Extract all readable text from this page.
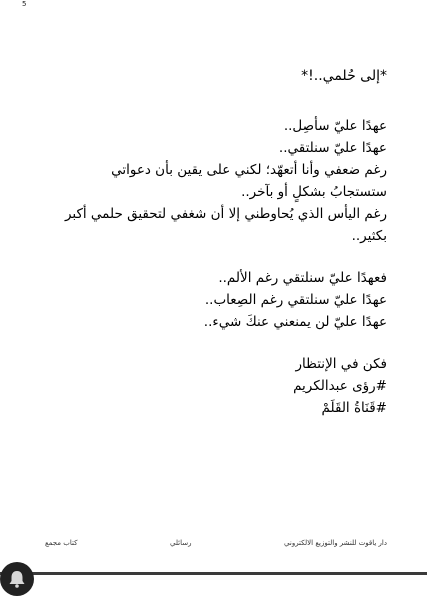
5
*إلى حُلمي..!*
عهدًا عليّ سأصِل..
عهدًا عليّ سنلتقي..
رغم ضعفي وأنا أتعهّد؛ لكني على يقين بأن دعواتي
ستستجابُ بشكلٍ أو بآخر..
رغم اليأس الذي يُحاوطني إلا أن شغفي لتحقيق حلمي أكبر
بكثير..
فعهدًا عليّ سنلتقي رغم الألم..
عهدًا عليّ سنلتقي رغم الصِعاب..
عهدًا عليّ لن يمنعني عنكَ شيء..
فكن في الإنتظار
#رؤى عبدالكريم
#قَنَاةُ القَلَمْ
كتاب مجمع	رسائلي	دار ياقوت للنشر والتوزيع الالكتروني
